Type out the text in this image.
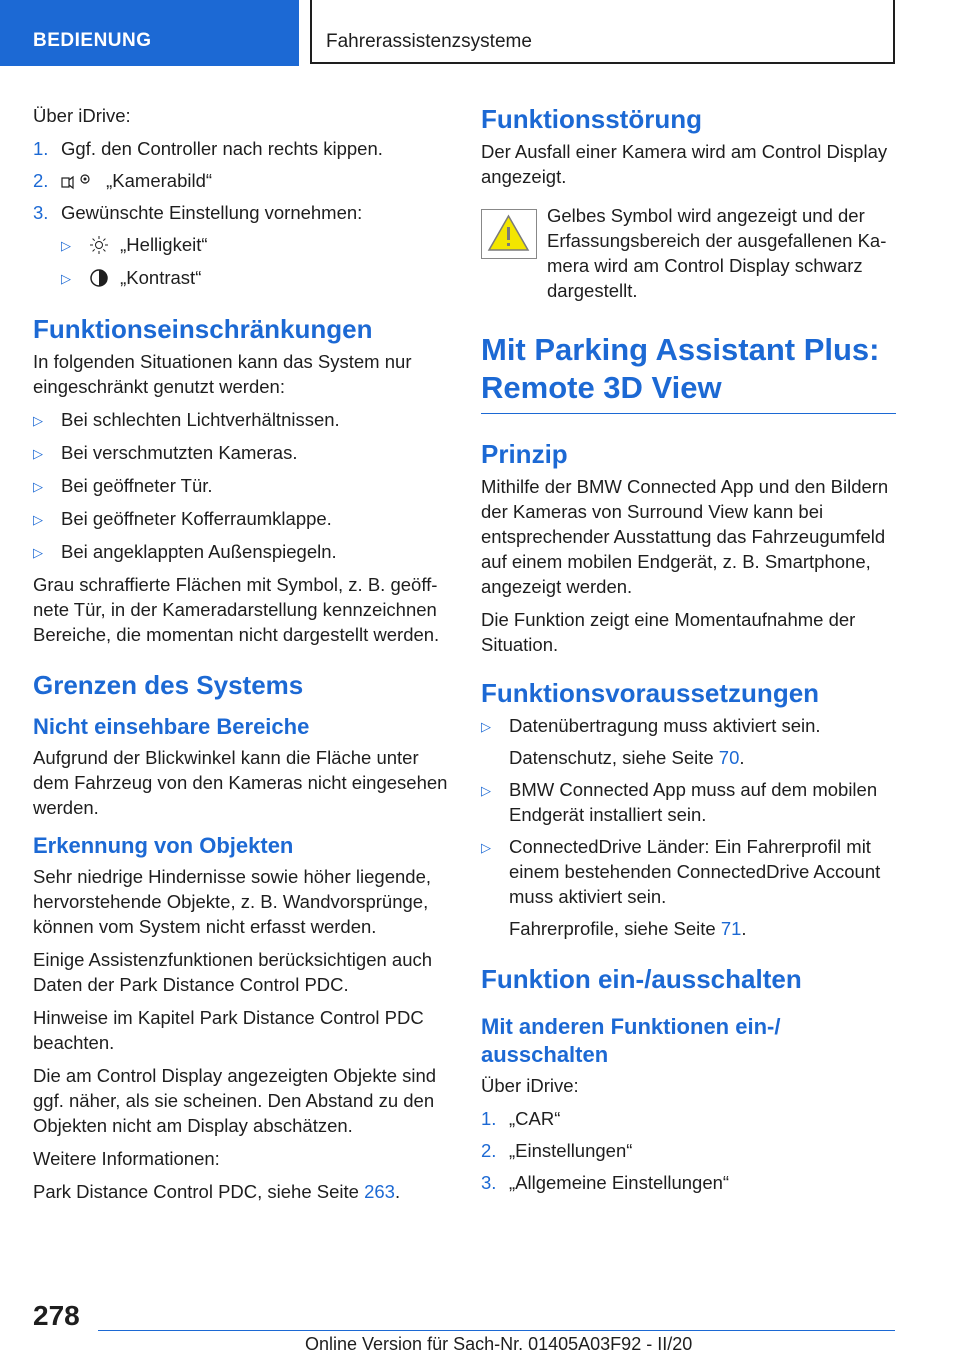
BEDIENUNG	Fahrerassistenzsysteme

Über iDrive:

1. Ggf. den Controller nach rechts kippen.
2.	„Kamerabild“
3. Gewünschte Einstellung vornehmen:
▷	„Helligkeit“
▷	„Kontrast“
Funktionseinschränkungen

In folgenden Situationen kann das System nur eingeschränkt genutzt werden:

▷ Bei schlechten Lichtverhältnissen.
▷ Bei verschmutzten Kameras.
▷ Bei geöffneter Tür.
▷ Bei geöffneter Kofferraumklappe.
▷ Bei angeklappten Außenspiegeln.

Grau schraffierte Flächen mit Symbol, z. B. geöffnete Tür, in der Kameradarstellung kennzeichnen Bereiche, die momentan nicht dargestellt werden.

Grenzen des Systems
Nicht einsehbare Bereiche

Aufgrund der Blickwinkel kann die Fläche unter dem Fahrzeug von den Kameras nicht eingesehen werden.

Erkennung von Objekten

Sehr niedrige Hindernisse sowie höher liegende, hervorstehende Objekte, z. B. Wandvorsprünge, können vom System nicht erfasst werden.

Einige Assistenzfunktionen berücksichtigen auch Daten der Park Distance Control PDC.

Hinweise im Kapitel Park Distance Control PDC beachten.

Die am Control Display angezeigten Objekte sind ggf. näher, als sie scheinen. Den Abstand zu den Objekten nicht am Display abschätzen.

Weitere Informationen:

Park Distance Control PDC, siehe Seite 263.

Funktionsstörung

Der Ausfall einer Kamera wird am Control Display angezeigt.

Gelbes Symbol wird angezeigt und der Erfassungsbereich der ausgefallenen Kamera wird am Control Display schwarz dargestellt.
Mit Parking Assistant Plus: Remote 3D View
Prinzip

Mithilfe der BMW Connected App und den Bildern der Kameras von Surround View kann bei entsprechender Ausstattung das Fahrzeugumfeld auf einem mobilen Endgerät, z. B. Smartphone, angezeigt werden.

Die Funktion zeigt eine Momentaufnahme der Situation.

Funktionsvoraussetzungen
▷ Datenübertragung muss aktiviert sein.
Datenschutz, siehe Seite 70.
▷ BMW Connected App muss auf dem mobilen Endgerät installiert sein.
▷ ConnectedDrive Länder: Ein Fahrerprofil mit einem bestehenden ConnectedDrive Account muss aktiviert sein.
Fahrerprofile, siehe Seite 71.
Funktion ein-/ausschalten
Mit anderen Funktionen ein-/ ausschalten

Über iDrive:

1. „CAR“
2. „Einstellungen“
3. „Allgemeine Einstellungen“
278
Online Version für Sach-Nr. 01405A03F92 - II/20
